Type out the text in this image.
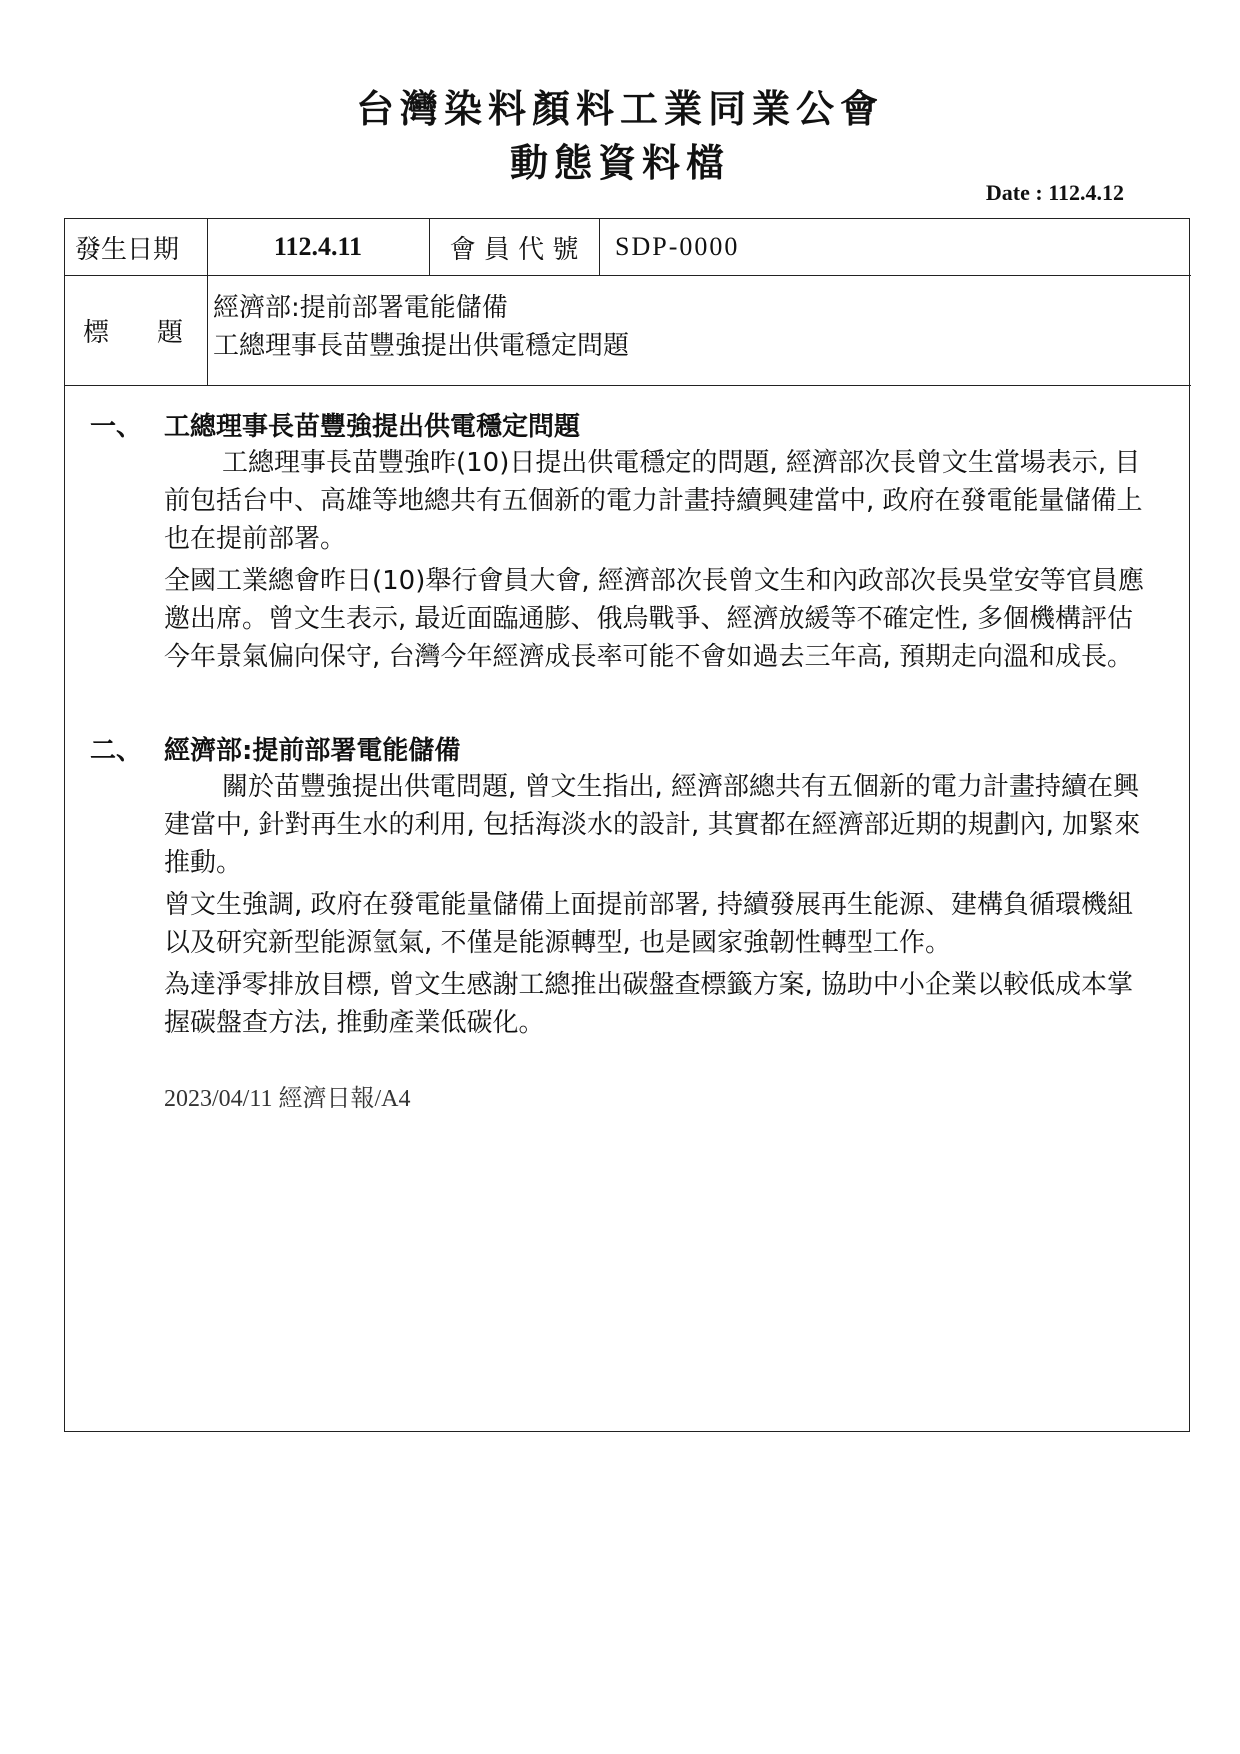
台灣染料顏料工業同業公會
動態資料檔
Date : 112.4.12
發生日期	112.4.11	會 員 代 號	SDP-0000
標	題
經濟部:提前部署電能儲備
工總理事長苗豐強提出供電穩定問題
一、 工總理事長苗豐強提出供電穩定問題

工總理事長苗豐強昨(10)日提出供電穩定的問題, 經濟部次長曾文生當場表示, 目前包括台中、高雄等地總共有五個新的電力計畫持續興建當中, 政府在發電能量儲備上也在提前部署。

全國工業總會昨日(10)舉行會員大會, 經濟部次長曾文生和內政部次長吳堂安等官員應邀出席。曾文生表示, 最近面臨通膨、俄烏戰爭、經濟放緩等不確定性, 多個機構評估今年景氣偏向保守, 台灣今年經濟成長率可能不會如過去三年高, 預期走向溫和成長。

二、 經濟部:提前部署電能儲備

關於苗豐強提出供電問題, 曾文生指出, 經濟部總共有五個新的電力計畫持續在興建當中, 針對再生水的利用, 包括海淡水的設計, 其實都在經濟部近期的規劃內, 加緊來推動。

曾文生強調, 政府在發電能量儲備上面提前部署, 持續發展再生能源、建構負循環機組以及研究新型能源氫氣, 不僅是能源轉型, 也是國家強韌性轉型工作。

為達淨零排放目標, 曾文生感謝工總推出碳盤查標籤方案, 協助中小企業以較低成本掌握碳盤查方法, 推動產業低碳化。

2023/04/11 經濟日報/A4
